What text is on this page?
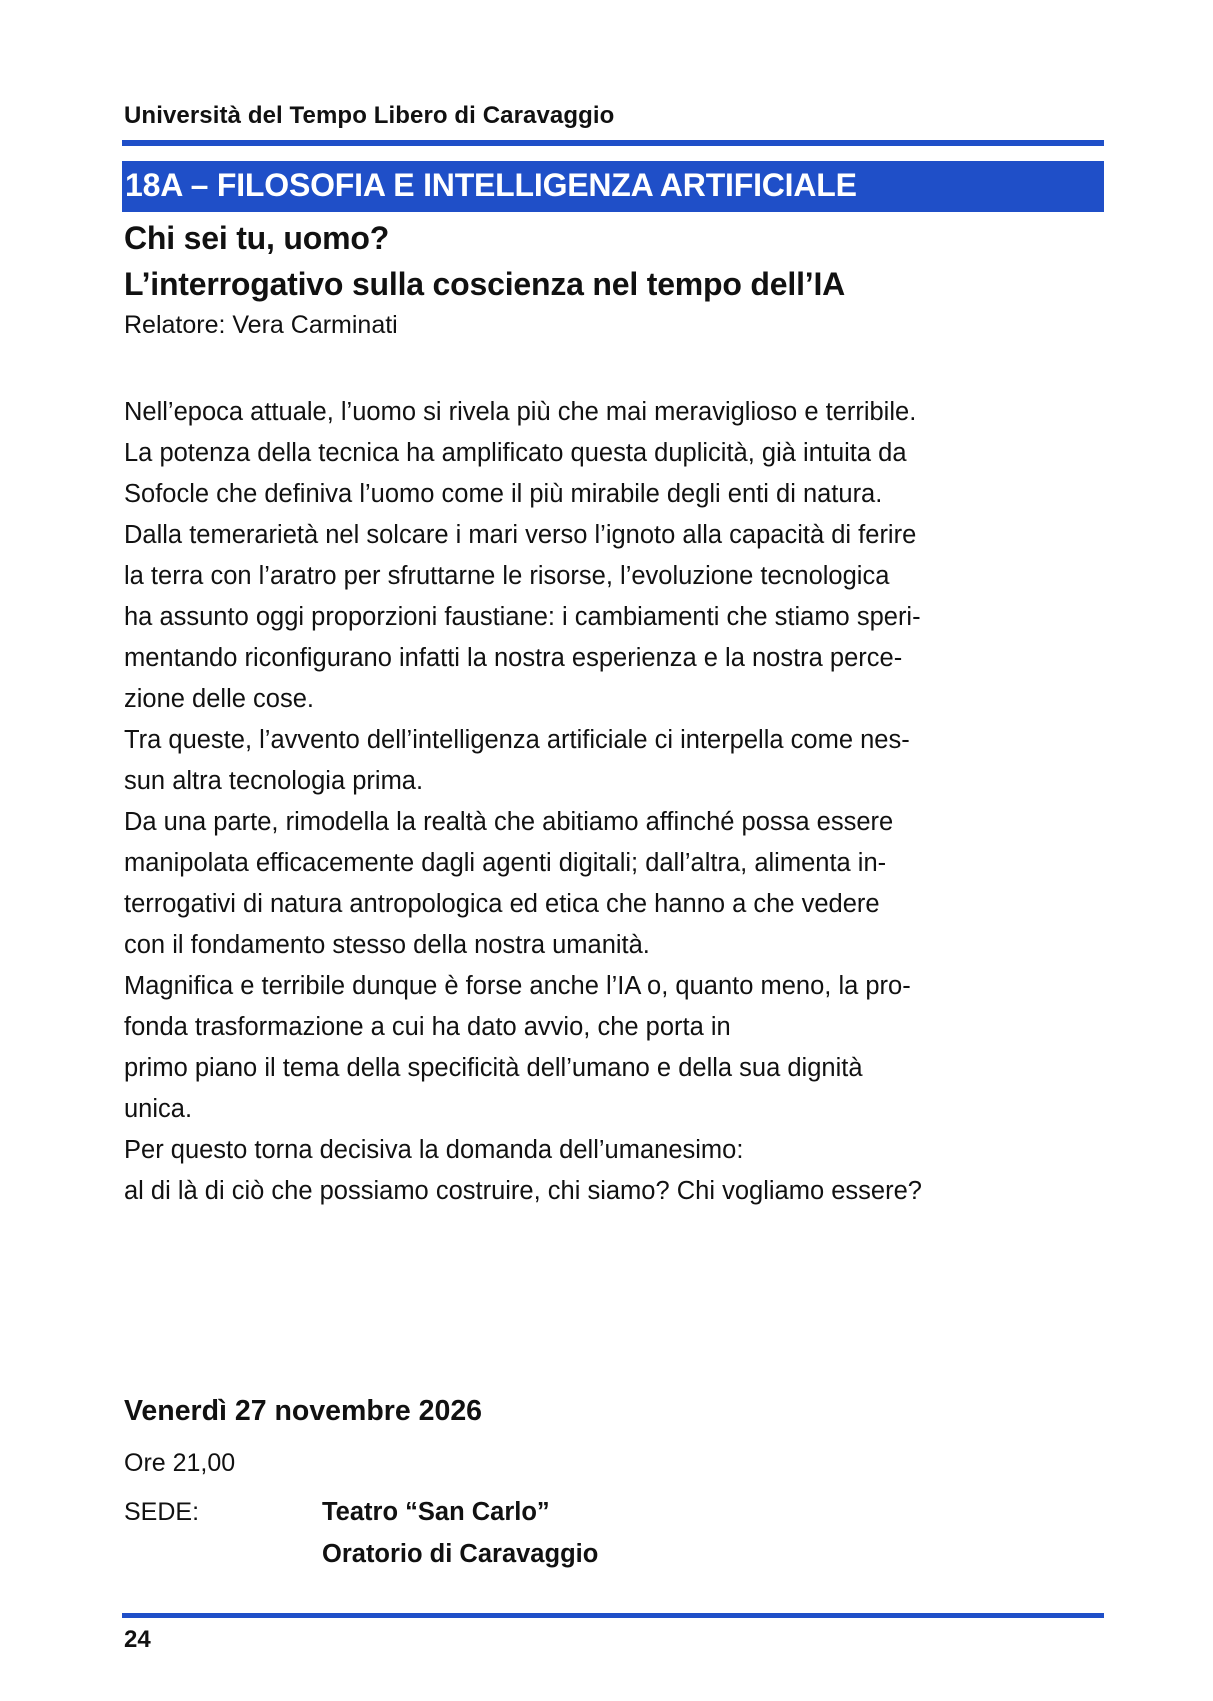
Università del Tempo Libero di Caravaggio
18A – FILOSOFIA E INTELLIGENZA ARTIFICIALE
Chi sei tu, uomo?
L’interrogativo sulla coscienza nel tempo dell’IA
Relatore: Vera Carminati
Nell’epoca attuale, l’uomo si rivela più che mai meraviglioso e terribile.
La potenza della tecnica ha amplificato questa duplicità, già intuita da
Sofocle che definiva l’uomo come il più mirabile degli enti di natura.
Dalla temerarietà nel solcare i mari verso l’ignoto alla capacità di ferire
la terra con l’aratro per sfruttarne le risorse, l’evoluzione tecnologica
ha assunto oggi proporzioni faustiane: i cambiamenti che stiamo speri-
mentando riconfigurano infatti la nostra esperienza e la nostra perce-
zione delle cose.
Tra queste, l’avvento dell’intelligenza artificiale ci interpella come nes-
sun altra tecnologia prima.
Da una parte, rimodella la realtà che abitiamo affinché possa essere
manipolata efficacemente dagli agenti digitali; dall’altra, alimenta in-
terrogativi di natura antropologica ed etica che hanno a che vedere
con il fondamento stesso della nostra umanità.
Magnifica e terribile dunque è forse anche l’IA o, quanto meno, la pro-
fonda trasformazione a cui ha dato avvio, che porta in
primo piano il tema della specificità dell’umano e della sua dignità
unica.
Per questo torna decisiva la domanda dell’umanesimo:
al di là di ciò che possiamo costruire, chi siamo? Chi vogliamo essere?
Venerdì 27 novembre 2026
Ore 21,00
SEDE:	Teatro “San Carlo”
Oratorio di Caravaggio
24
